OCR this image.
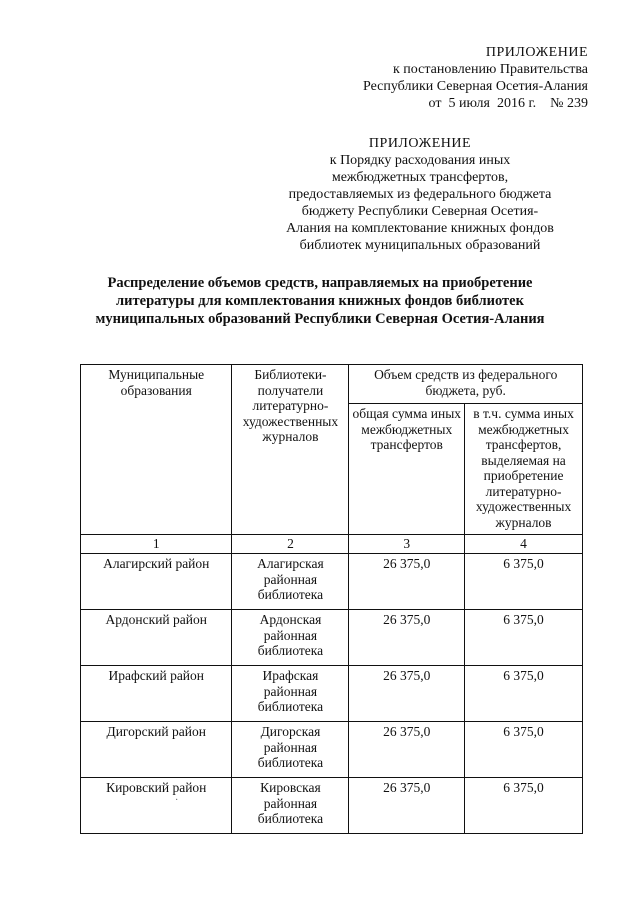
ПРИЛОЖЕНИЕ
к постановлению Правительства
Республики Северная Осетия-Алания
от  5 июля  2016 г.    № 239
ПРИЛОЖЕНИЕ
к Порядку расходования иных
межбюджетных трансфертов,
предоставляемых из федерального бюджета
бюджету Республики Северная Осетия-
Алания на комплектование книжных фондов
библиотек муниципальных образований
Распределение объемов средств, направляемых на приобретение
литературы для комплектования книжных фондов библиотек
муниципальных образований Республики Северная Осетия-Алания
Муниципальные образования	Библиотеки-получатели литературно-художественных журналов	Объем средств из федерального бюджета, руб.	
		общая сумма иных межбюджетных трансфертов	в т.ч. сумма иных межбюджетных трансфертов, выделяемая на приобретение литературно-художественных журналов
1	2	3	4
Алагирский район	Алагирская районная библиотека	26 375,0	6 375,0
Ардонский район	Ардонская районная библиотека	26 375,0	6 375,0
Ирафский район	Ирафская районная библиотека	26 375,0	6 375,0
Дигорский район	Дигорская районная библиотека	26 375,0	6 375,0
Кировский район	Кировская районная библиотека	26 375,0	6 375,0
·
